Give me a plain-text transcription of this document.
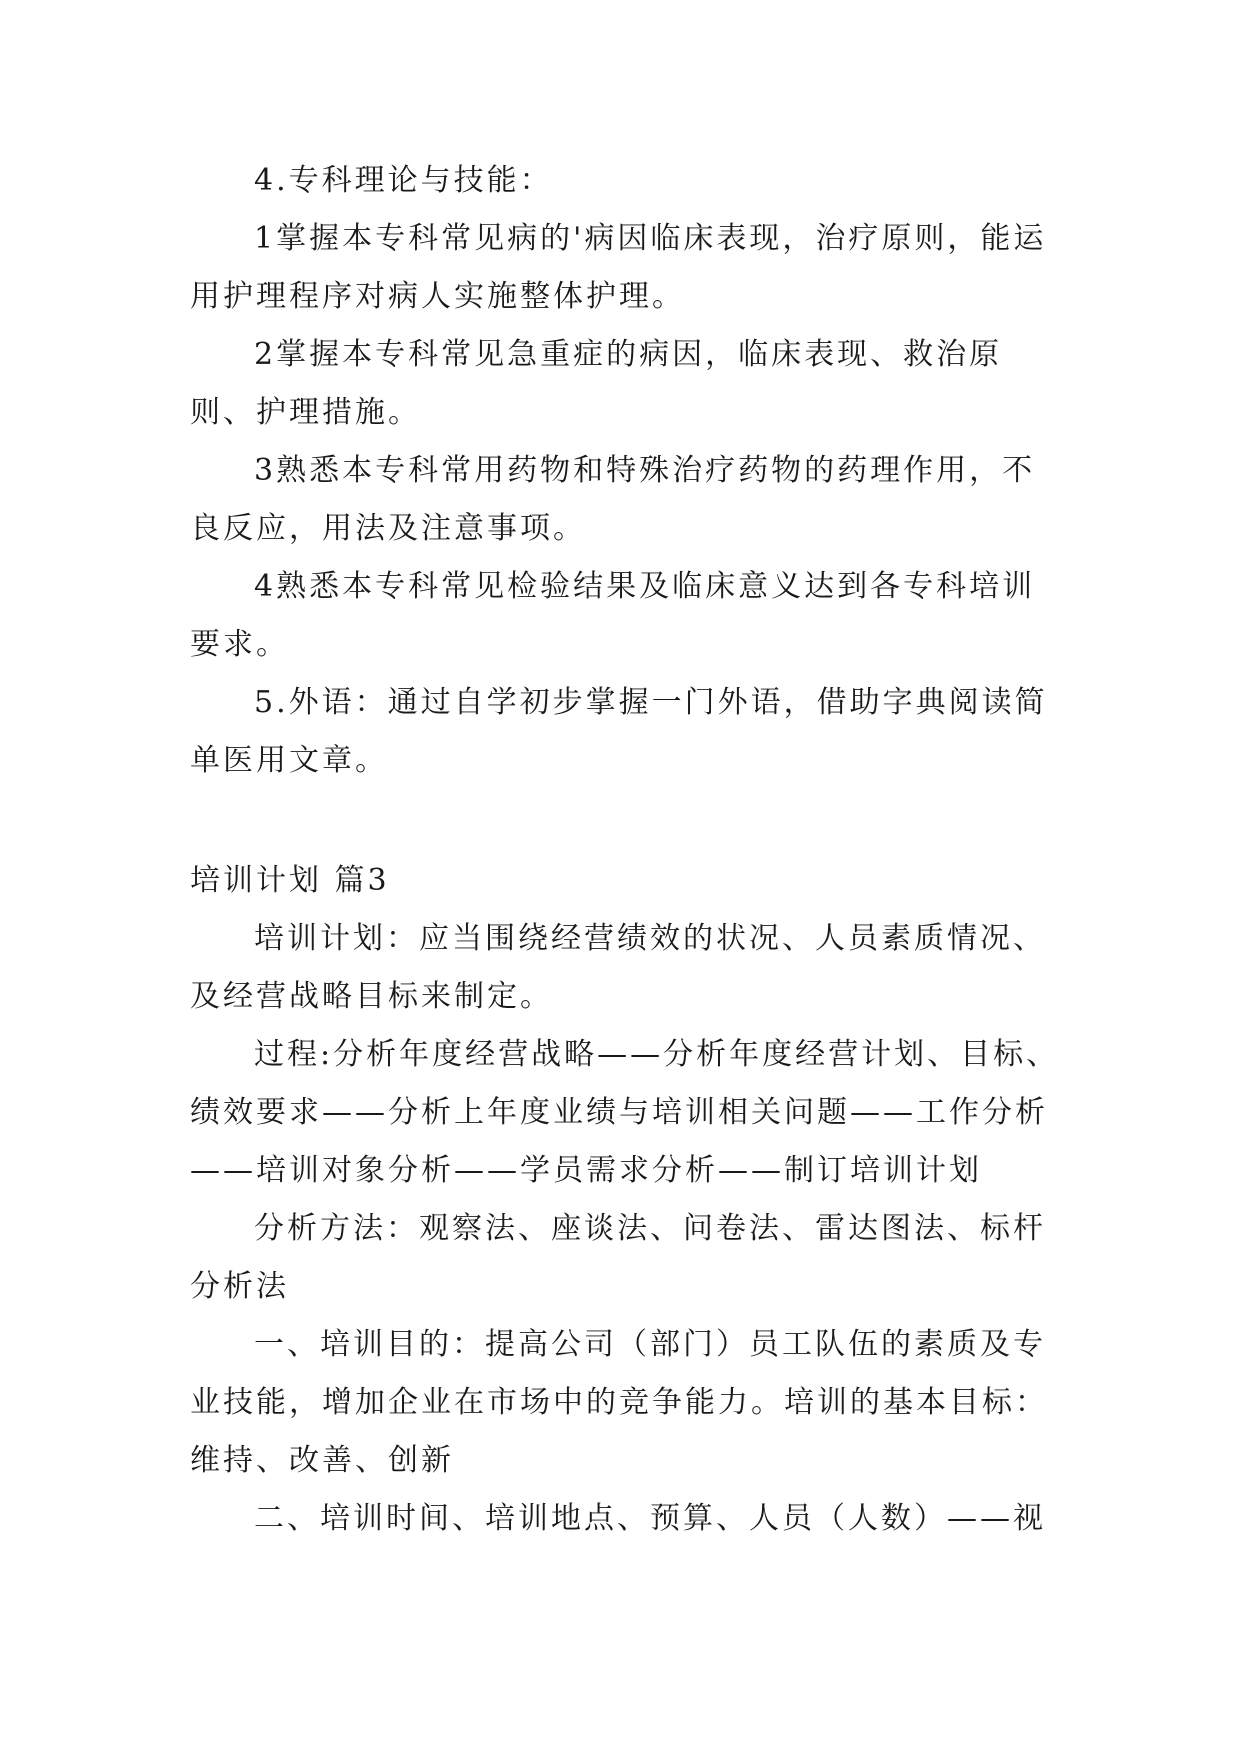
4.专科理论与技能：

1掌握本专科常见病的'病因临床表现，治疗原则，能运用护理程序对病人实施整体护理。

2掌握本专科常见急重症的病因，临床表现、救治原则、护理措施。

3熟悉本专科常用药物和特殊治疗药物的药理作用，不良反应，用法及注意事项。

4熟悉本专科常见检验结果及临床意义达到各专科培训要求。

5.外语：通过自学初步掌握一门外语，借助字典阅读简单医用文章。

培训计划 篇3

培训计划：应当围绕经营绩效的状况、人员素质情况、及经营战略目标来制定。

过程:分析年度经营战略——分析年度经营计划、目标、绩效要求——分析上年度业绩与培训相关问题——工作分析——培训对象分析——学员需求分析——制订培训计划

分析方法：观察法、座谈法、问卷法、雷达图法、标杆分析法

一、培训目的：提高公司（部门）员工队伍的素质及专业技能，增加企业在市场中的竞争能力。培训的基本目标：维持、改善、创新

二、培训时间、培训地点、预算、人员（人数）——视
